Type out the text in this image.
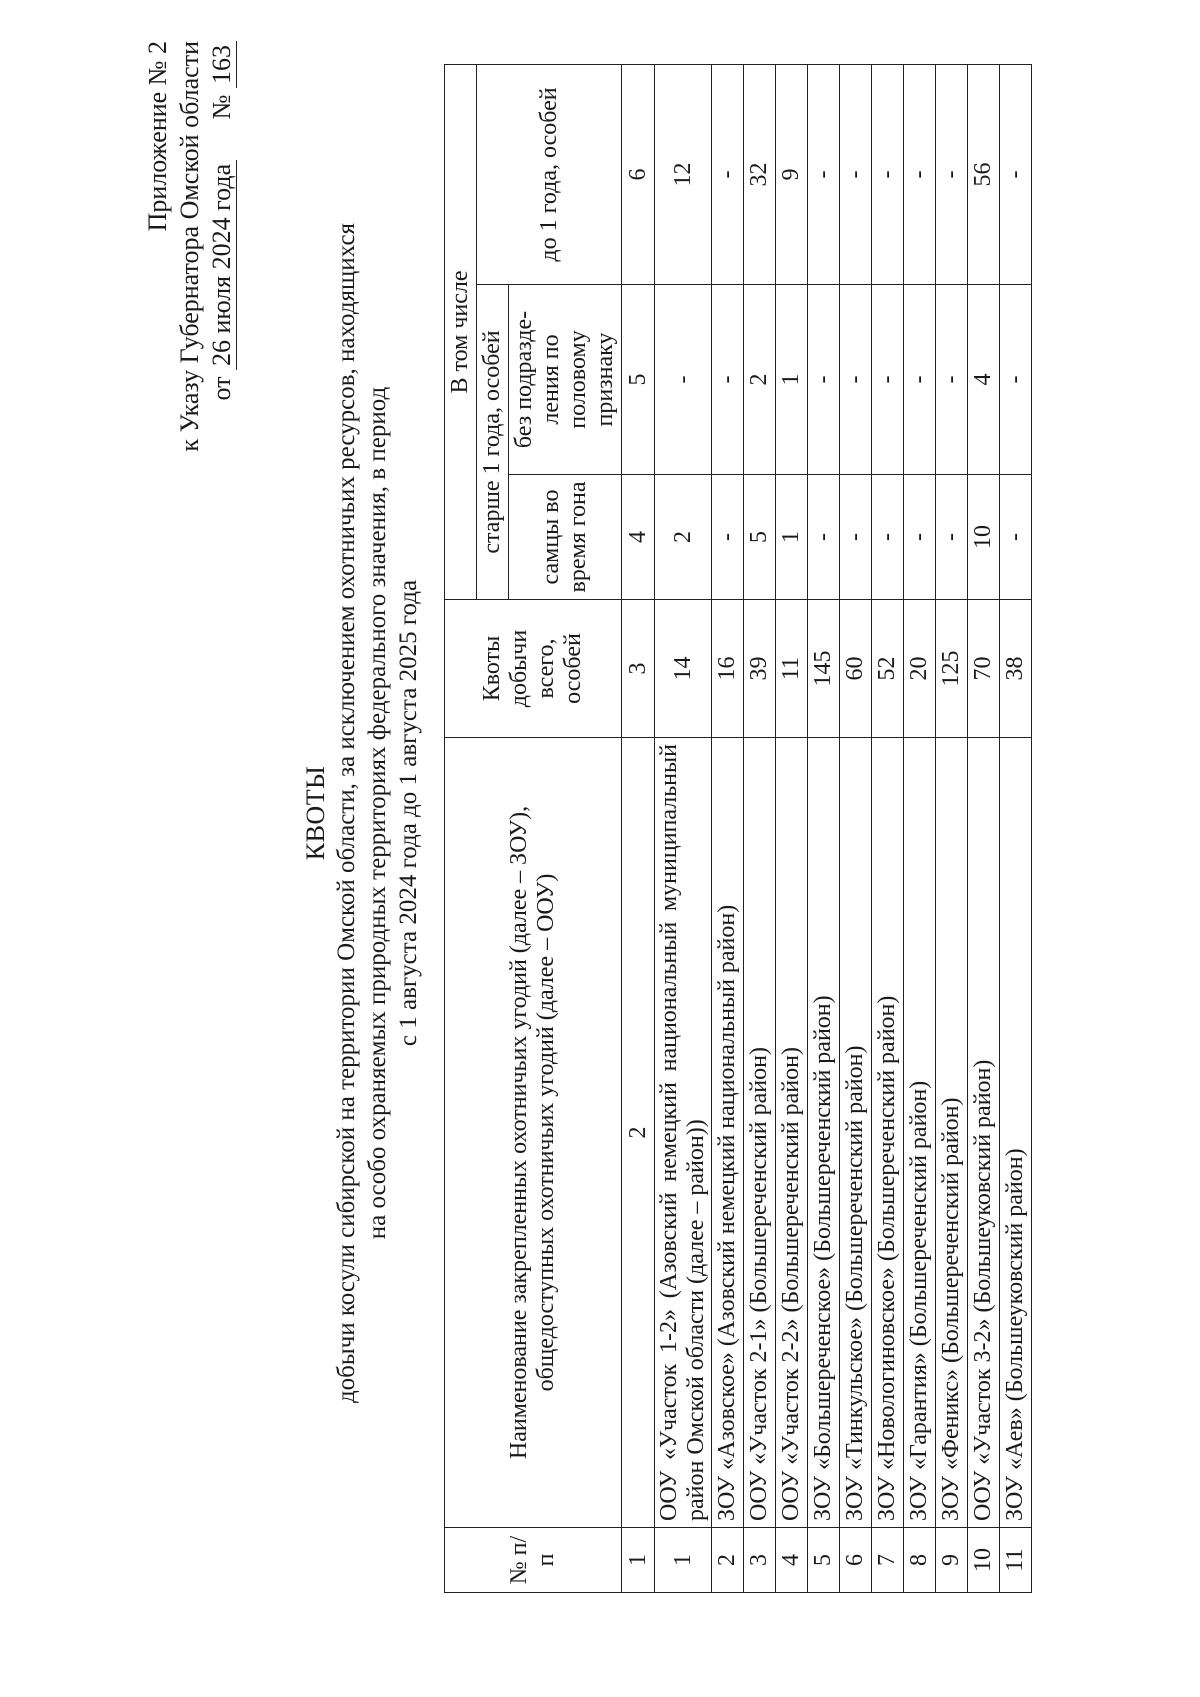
Приложение № 2 к Указу Губернатора Омской области от 26 июля 2024 года № 163
КВОТЫ добычи косули сибирской на территории Омской области, за исключением охотничьих ресурсов, находящихся на особо охраняемых природных территориях федерального значения, в период с 1 августа 2024 года до 1 августа 2025 года
№ п/п	Наименование закрепленных охотничьих угодий (далее – ЗОУ), общедоступных охотничьих угодий (далее – ООУ)	Квоты добычи всего, особей	В том числе		
			старше 1 года, особей		до 1 года, особей
			самцы во время гона	без подразде-ления по половому признаку	
1	2	3	4	5	6
1	ООУ «Участок 1-2» (Азовский немецкий национальный муниципальный район Омской области (далее – район))	14	2	-	12
2	ЗОУ «Азовское» (Азовский немецкий национальный район)	16	-	-	-
3	ООУ «Участок 2-1» (Большереченский район)	39	5	2	32
4	ООУ «Участок 2-2» (Большереченский район)	11	1	1	9
5	ЗОУ «Большереченское» (Большереченский район)	145	-	-	-
6	ЗОУ «Тинкульское» (Большереченский район)	60	-	-	-
7	ЗОУ «Новологиновское» (Большереченский район)	52	-	-	-
8	ЗОУ «Гарантия» (Большереченский район)	20	-	-	-
9	ЗОУ «Феникс» (Большереченский район)	125	-	-	-
10	ООУ «Участок 3-2» (Большеуковский район)	70	10	4	56
11	ЗОУ «Аев» (Большеуковский район)	38	-	-	-
